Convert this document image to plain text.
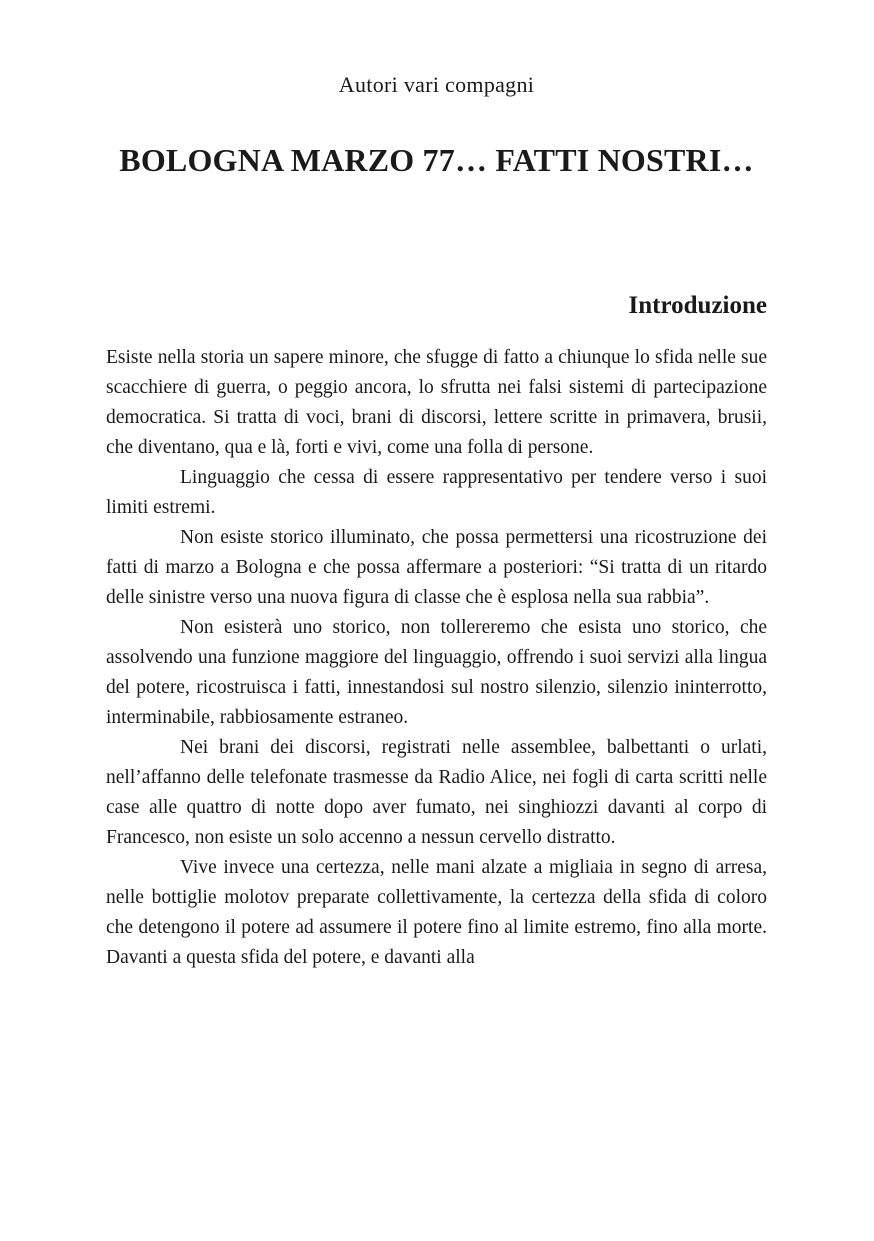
Autori vari compagni

BOLOGNA MARZO 77… FATTI NOSTRI…
Introduzione

Esiste nella storia un sapere minore, che sfugge di fatto a chiunque lo sfida nelle sue scacchiere di guerra, o peggio ancora, lo sfrutta nei falsi sistemi di partecipazione democratica. Si tratta di voci, brani di discorsi, lettere scritte in primavera, brusii, che diventano, qua e là, forti e vivi, come una folla di persone.

Linguaggio che cessa di essere rappresentativo per tendere verso i suoi limiti estremi.

Non esiste storico illuminato, che possa permettersi una ricostruzione dei fatti di marzo a Bologna e che possa affermare a posteriori: “Si tratta di un ritardo delle sinistre verso una nuova figura di classe che è esplosa nella sua rabbia”.

Non esisterà uno storico, non tollereremo che esista uno storico, che assolvendo una funzione maggiore del linguaggio, offrendo i suoi servizi alla lingua del potere, ricostruisca i fatti, innestandosi sul nostro silenzio, silenzio ininterrotto, interminabile, rabbiosamente estraneo.

Nei brani dei discorsi, registrati nelle assemblee, balbettanti o urlati, nell’affanno delle telefonate trasmesse da Radio Alice, nei fogli di carta scritti nelle case alle quattro di notte dopo aver fumato, nei singhiozzi davanti al corpo di Francesco, non esiste un solo accenno a nessun cervello distratto.

Vive invece una certezza, nelle mani alzate a migliaia in segno di arresa, nelle bottiglie molotov preparate collettivamente, la certezza della sfida di coloro che detengono il potere ad assumere il potere fino al limite estremo, fino alla morte. Davanti a questa sfida del potere, e davanti alla
